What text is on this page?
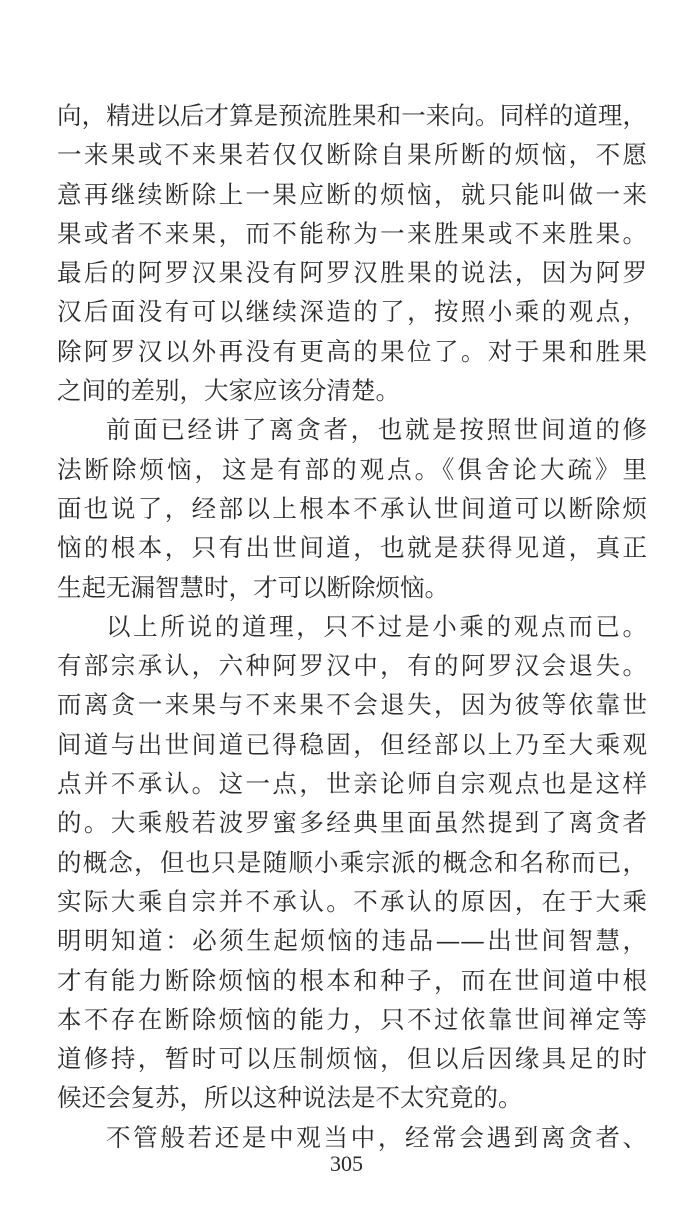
向，精进以后才算是预流胜果和一来向。同样的道理，
一来果或不来果若仅仅断除自果所断的烦恼，不愿
意再继续断除上一果应断的烦恼，就只能叫做一来
果或者不来果，而不能称为一来胜果或不来胜果。
最后的阿罗汉果没有阿罗汉胜果的说法，因为阿罗
汉后面没有可以继续深造的了，按照小乘的观点，
除阿罗汉以外再没有更高的果位了。对于果和胜果
之间的差别，大家应该分清楚。
前面已经讲了离贪者，也就是按照世间道的修
法断除烦恼，这是有部的观点。《俱舍论大疏》里
面也说了，经部以上根本不承认世间道可以断除烦
恼的根本，只有出世间道，也就是获得见道，真正
生起无漏智慧时，才可以断除烦恼。
以上所说的道理，只不过是小乘的观点而已。
有部宗承认，六种阿罗汉中，有的阿罗汉会退失。
而离贪一来果与不来果不会退失，因为彼等依靠世
间道与出世间道已得稳固，但经部以上乃至大乘观
点并不承认。这一点，世亲论师自宗观点也是这样
的。大乘般若波罗蜜多经典里面虽然提到了离贪者
的概念，但也只是随顺小乘宗派的概念和名称而已，
实际大乘自宗并不承认。不承认的原因，在于大乘
明明知道：必须生起烦恼的违品——出世间智慧，
才有能力断除烦恼的根本和种子，而在世间道中根
本不存在断除烦恼的能力，只不过依靠世间禅定等
道修持，暂时可以压制烦恼，但以后因缘具足的时
候还会复苏，所以这种说法是不太究竟的。
不管般若还是中观当中，经常会遇到离贪者、
305
